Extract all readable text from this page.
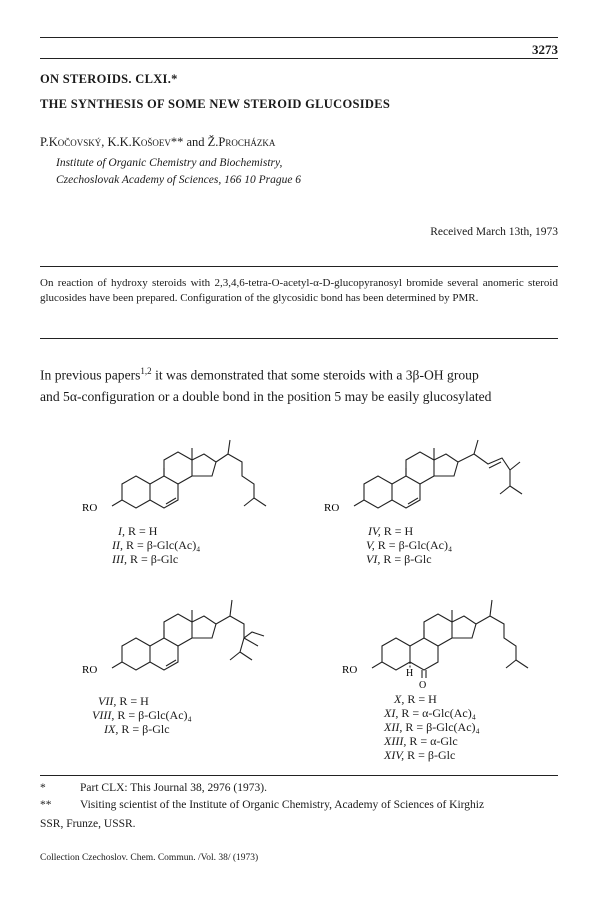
3273
ON STEROIDS. CLXI.*
THE SYNTHESIS OF SOME NEW STEROID GLUCOSIDES
P.Kočovský, K.K.Košoev** and Ž.Procházka
Institute of Organic Chemistry and Biochemistry,
Czechoslovak Academy of Sciences, 166 10 Prague 6
Received March 13th, 1973
On reaction of hydroxy steroids with 2,3,4,6-tetra-O-acetyl-α-D-glucopyranosyl bromide several anomeric steroid glucosides have been prepared. Configuration of the glycosidic bond has been determined by PMR.
In previous papers$^{1,2}$ it was demonstrated that some steroids with a 3β-OH group
and 5α-configuration or a double bond in the position 5 may be easily glucosylated
RO
I, R = H
II, R = β-Glc(Ac)₄
III, R = β-Glc
RO
IV, R = H
V, R = β-Glc(Ac)₄
VI, R = β-Glc
RO
VII, R = H
VIII, R = β-Glc(Ac)₄
IX, R = β-Glc
RO	H
O
X, R = H
XI, R = α-Glc(Ac)₄
XII, R = β-Glc(Ac)₄
XIII, R = α-Glc
XIV, R = β-Glc
*	Part CLX: This Journal 38, 2976 (1973).
** Visiting scientist of the Institute of Organic Chemistry, Academy of Sciences of Kirghiz
SSR, Frunze, USSR.
Collection Czechoslov. Chem. Commun. /Vol. 38/ (1973)
